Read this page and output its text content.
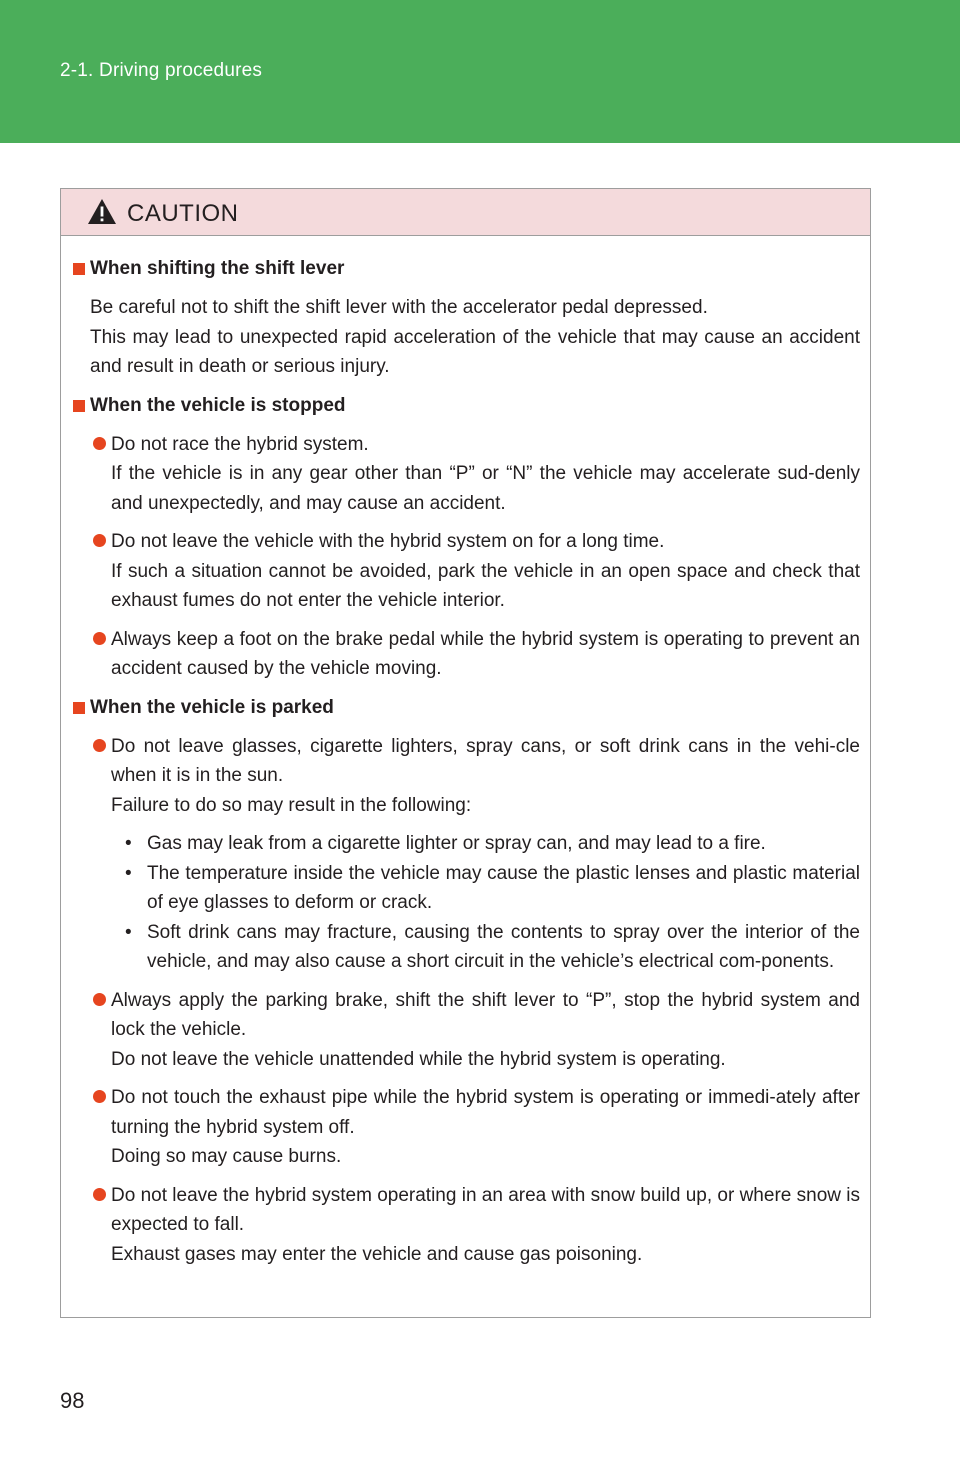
2-1. Driving procedures
CAUTION

When shifting the shift lever

Be careful not to shift the shift lever with the accelerator pedal depressed.

This may lead to unexpected rapid acceleration of the vehicle that may cause an accident and result in death or serious injury.

When the vehicle is stopped

Do not race the hybrid system.

If the vehicle is in any gear other than “P” or “N” the vehicle may accelerate sud-denly and unexpectedly, and may cause an accident.

Do not leave the vehicle with the hybrid system on for a long time.

If such a situation cannot be avoided, park the vehicle in an open space and check that exhaust fumes do not enter the vehicle interior.

Always keep a foot on the brake pedal while the hybrid system is operating to prevent an accident caused by the vehicle moving.

When the vehicle is parked

Do not leave glasses, cigarette lighters, spray cans, or soft drink cans in the vehi-cle when it is in the sun.

Failure to do so may result in the following:

• Gas may leak from a cigarette lighter or spray can, and may lead to a fire.

• The temperature inside the vehicle may cause the plastic lenses and plastic material of eye glasses to deform or crack.

• Soft drink cans may fracture, causing the contents to spray over the interior of the vehicle, and may also cause a short circuit in the vehicle’s electrical com-ponents.

Always apply the parking brake, shift the shift lever to “P”, stop the hybrid system and lock the vehicle.

Do not leave the vehicle unattended while the hybrid system is operating.

Do not touch the exhaust pipe while the hybrid system is operating or immedi-ately after turning the hybrid system off.

Doing so may cause burns.

Do not leave the hybrid system operating in an area with snow build up, or where snow is expected to fall.

Exhaust gases may enter the vehicle and cause gas poisoning.

98
